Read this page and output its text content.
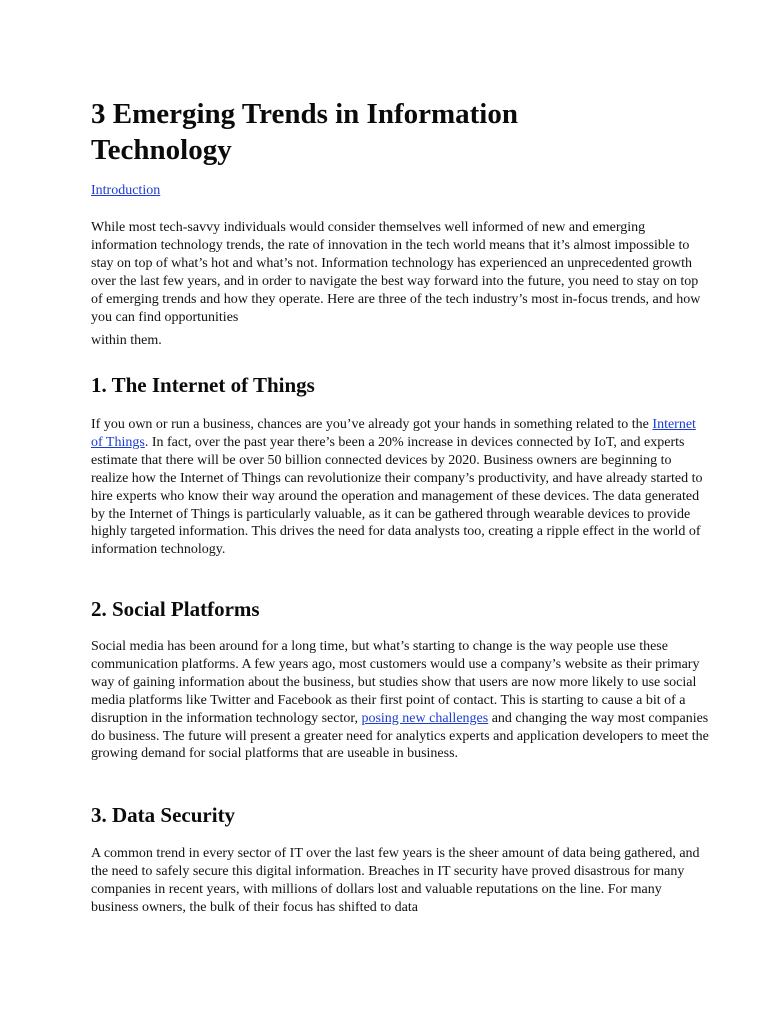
3 Emerging Trends in Information Technology
Introduction

While most tech-savvy individuals would consider themselves well informed of new and emerging information technology trends, the rate of innovation in the tech world means that it’s almost impossible to stay on top of what’s hot and what’s not. Information technology has experienced an unprecedented growth over the last few years, and in order to navigate the best way forward into the future, you need to stay on top of emerging trends and how they operate. Here are three of the tech industry’s most in-focus trends, and how you can find opportunities
within them.

1. The Internet of Things

If you own or run a business, chances are you’ve already got your hands in something related to the Internet of Things. In fact, over the past year there’s been a 20% increase in devices connected by IoT, and experts estimate that there will be over 50 billion connected devices by 2020. Business owners are beginning to realize how the Internet of Things can revolutionize their company’s productivity, and have already started to hire experts who know their way around the operation and management of these devices. The data generated by the Internet of Things is particularly valuable, as it can be gathered through wearable devices to provide highly targeted information. This drives the need for data analysts too, creating a ripple effect in the world of information technology.

2. Social Platforms

Social media has been around for a long time, but what’s starting to change is the way people use these communication platforms. A few years ago, most customers would use a company’s website as their primary way of gaining information about the business, but studies show that users are now more likely to use social media platforms like Twitter and Facebook as their first point of contact. This is starting to cause a bit of a disruption in the information technology sector, posing new challenges and changing the way most companies do business. The future will present a greater need for analytics experts and application developers to meet the growing demand for social platforms that are useable in business.

3. Data Security

A common trend in every sector of IT over the last few years is the sheer amount of data being gathered, and the need to safely secure this digital information. Breaches in IT security have proved disastrous for many companies in recent years, with millions of dollars lost and valuable reputations on the line. For many business owners, the bulk of their focus has shifted to data
